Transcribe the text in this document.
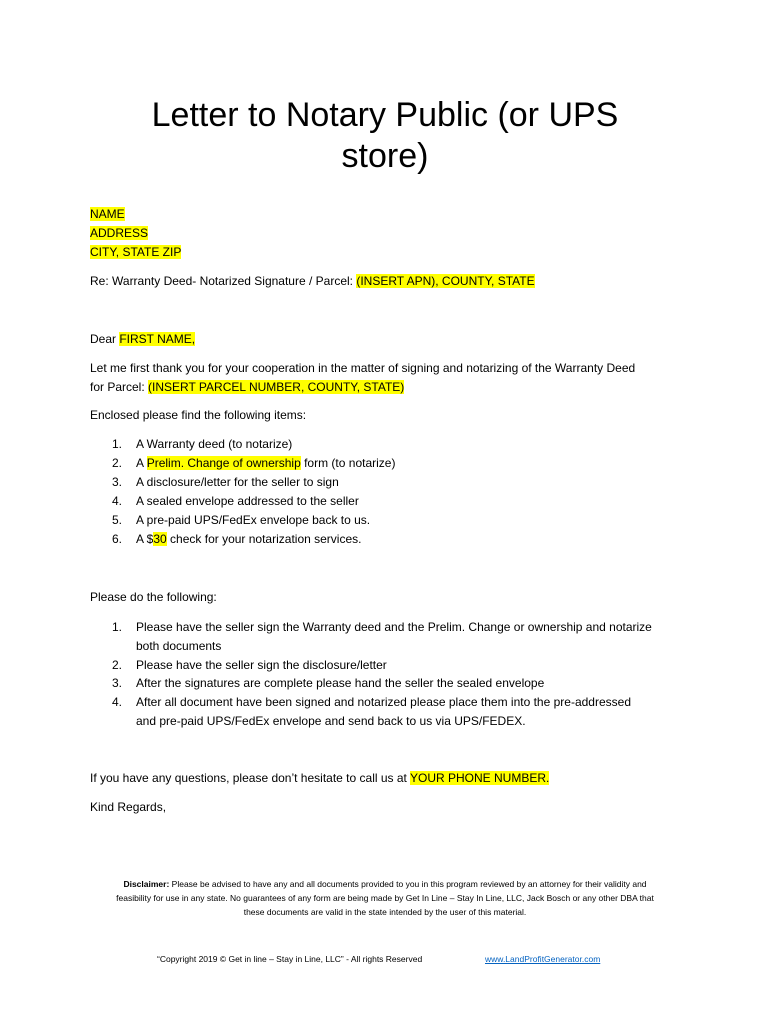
Letter to Notary Public (or UPS
store)
NAME
ADDRESS
CITY, STATE ZIP
Re: Warranty Deed- Notarized Signature / Parcel: (INSERT APN), COUNTY, STATE
Dear FIRST NAME,
Let me first thank you for your cooperation in the matter of signing and notarizing of the Warranty Deed
for Parcel: (INSERT PARCEL NUMBER, COUNTY, STATE)
Enclosed please find the following items:
1.	A Warranty deed (to notarize)
2.	A Prelim. Change of ownership form (to notarize)
3.	A disclosure/letter for the seller to sign
4.	A sealed envelope addressed to the seller
5.	A pre-paid UPS/FedEx envelope back to us.
6.	A $30 check for your notarization services.
Please do the following:
1.	Please have the seller sign the Warranty deed and the Prelim. Change or ownership and notarize
both documents
2.	Please have the seller sign the disclosure/letter
3.	After the signatures are complete please hand the seller the sealed envelope
4.	After all document have been signed and notarized please place them into the pre-addressed
and pre-paid UPS/FedEx envelope and send back to us via UPS/FEDEX.
If you have any questions, please don’t hesitate to call us at YOUR PHONE NUMBER.
Kind Regards,
Disclaimer: Please be advised to have any and all documents provided to you in this program reviewed by an attorney for their validity and
feasibility for use in any state. No guarantees of any form are being made by Get In Line – Stay In Line, LLC, Jack Bosch or any other DBA that
these documents are valid in the state intended by the user of this material.
“Copyright 2019 © Get in line – Stay in Line, LLC” - All rights Reserved	www.LandProfitGenerator.com
